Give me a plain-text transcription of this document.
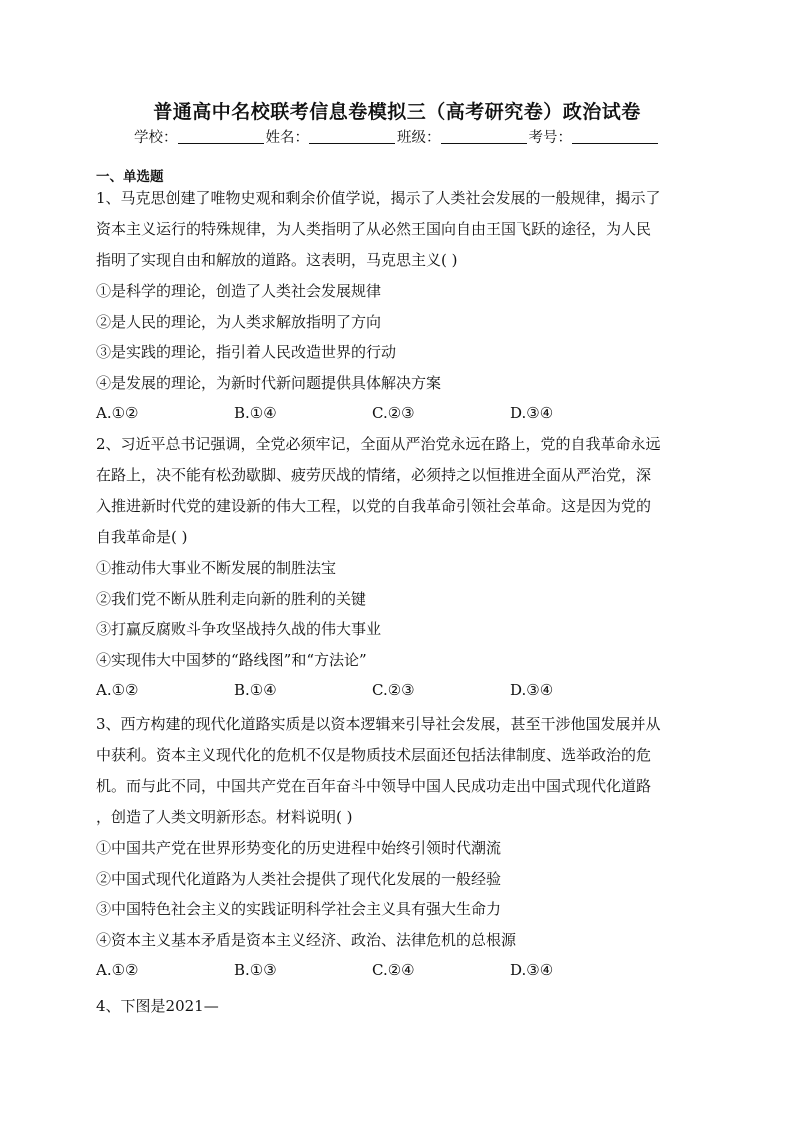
普通高中名校联考信息卷模拟三（高考研究卷）政治试卷
学校：	姓名：	班级：	考号：
一、单选题

1、马克思创建了唯物史观和剩余价值学说，揭示了人类社会发展的一般规律，揭示了

资本主义运行的特殊规律，为人类指明了从必然王国向自由王国飞跃的途径，为人民

指明了实现自由和解放的道路。这表明，马克思主义( )

①是科学的理论，创造了人类社会发展规律

②是人民的理论，为人类求解放指明了方向

③是实践的理论，指引着人民改造世界的行动

④是发展的理论，为新时代新问题提供具体解决方案

A.①②	B.①④	C.②③	D.③④

2、习近平总书记强调，全党必须牢记，全面从严治党永远在路上，党的自我革命永远

在路上，决不能有松劲歇脚、疲劳厌战的情绪，必须持之以恒推进全面从严治党，深

入推进新时代党的建设新的伟大工程，以党的自我革命引领社会革命。这是因为党的

自我革命是( )

①推动伟大事业不断发展的制胜法宝

②我们党不断从胜利走向新的胜利的关键

③打赢反腐败斗争攻坚战持久战的伟大事业

④实现伟大中国梦的“路线图”和“方法论”

A.①②	B.①④	C.②③	D.③④

3、西方构建的现代化道路实质是以资本逻辑来引导社会发展，甚至干涉他国发展并从

中获利。资本主义现代化的危机不仅是物质技术层面还包括法律制度、选举政治的危

机。而与此不同，中国共产党在百年奋斗中领导中国人民成功走出中国式现代化道路

，创造了人类文明新形态。材料说明( )

①中国共产党在世界形势变化的历史进程中始终引领时代潮流

②中国式现代化道路为人类社会提供了现代化发展的一般经验

③中国特色社会主义的实践证明科学社会主义具有强大生命力

④资本主义基本矛盾是资本主义经济、政治、法律危机的总根源

A.①②	B.①③	C.②④	D.③④

4、下图是2021—
